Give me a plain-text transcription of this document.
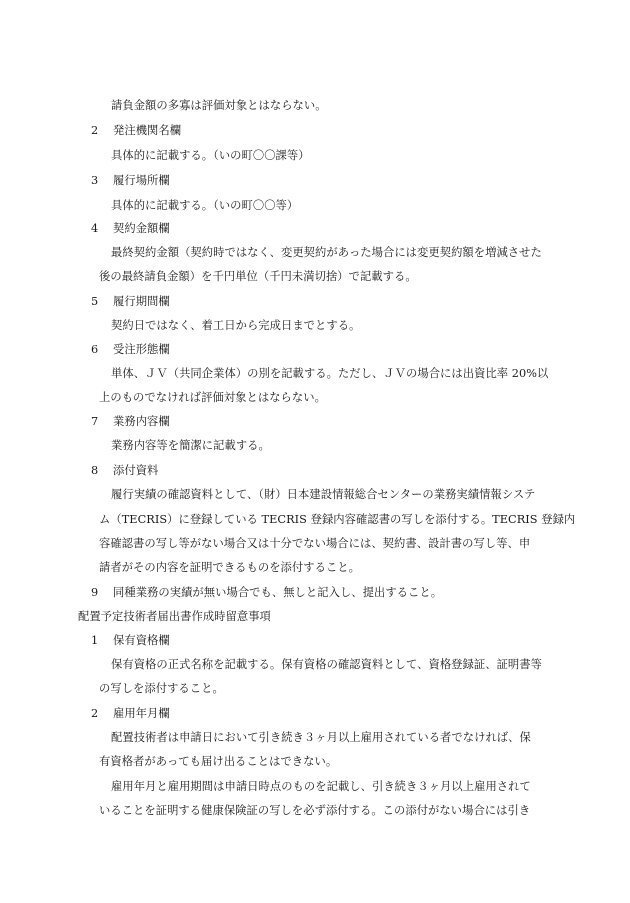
請負金額の多寡は評価対象とはならない。
2 発注機関名欄
具体的に記載する。（いの町〇〇課等）
3 履行場所欄
具体的に記載する。（いの町〇〇等）
4 契約金額欄
最終契約金額（契約時ではなく、変更契約があった場合には変更契約額を増減させた
後の最終請負金額）を千円単位（千円未満切捨）で記載する。
5 履行期間欄
契約日ではなく、着工日から完成日までとする。
6 受注形態欄
単体、ＪＶ（共同企業体）の別を記載する。ただし、ＪＶの場合には出資比率 20%以
上のものでなければ評価対象とはならない。
7 業務内容欄
業務内容等を簡潔に記載する。
8 添付資料
履行実績の確認資料として、（財）日本建設情報総合センターの業務実績情報システ
ム（TECRIS）に登録している TECRIS 登録内容確認書の写しを添付する。TECRIS 登録内
容確認書の写し等がない場合又は十分でない場合には、契約書、設計書の写し等、申
請者がその内容を証明できるものを添付すること。
9 同種業務の実績が無い場合でも、無しと記入し、提出すること。
配置予定技術者届出書作成時留意事項
1 保有資格欄
保有資格の正式名称を記載する。保有資格の確認資料として、資格登録証、証明書等
の写しを添付すること。
2 雇用年月欄
配置技術者は申請日において引き続き３ヶ月以上雇用されている者でなければ、保
有資格者があっても届け出ることはできない。
雇用年月と雇用期間は申請日時点のものを記載し、引き続き３ヶ月以上雇用されて
いることを証明する健康保険証の写しを必ず添付する。この添付がない場合には引き
